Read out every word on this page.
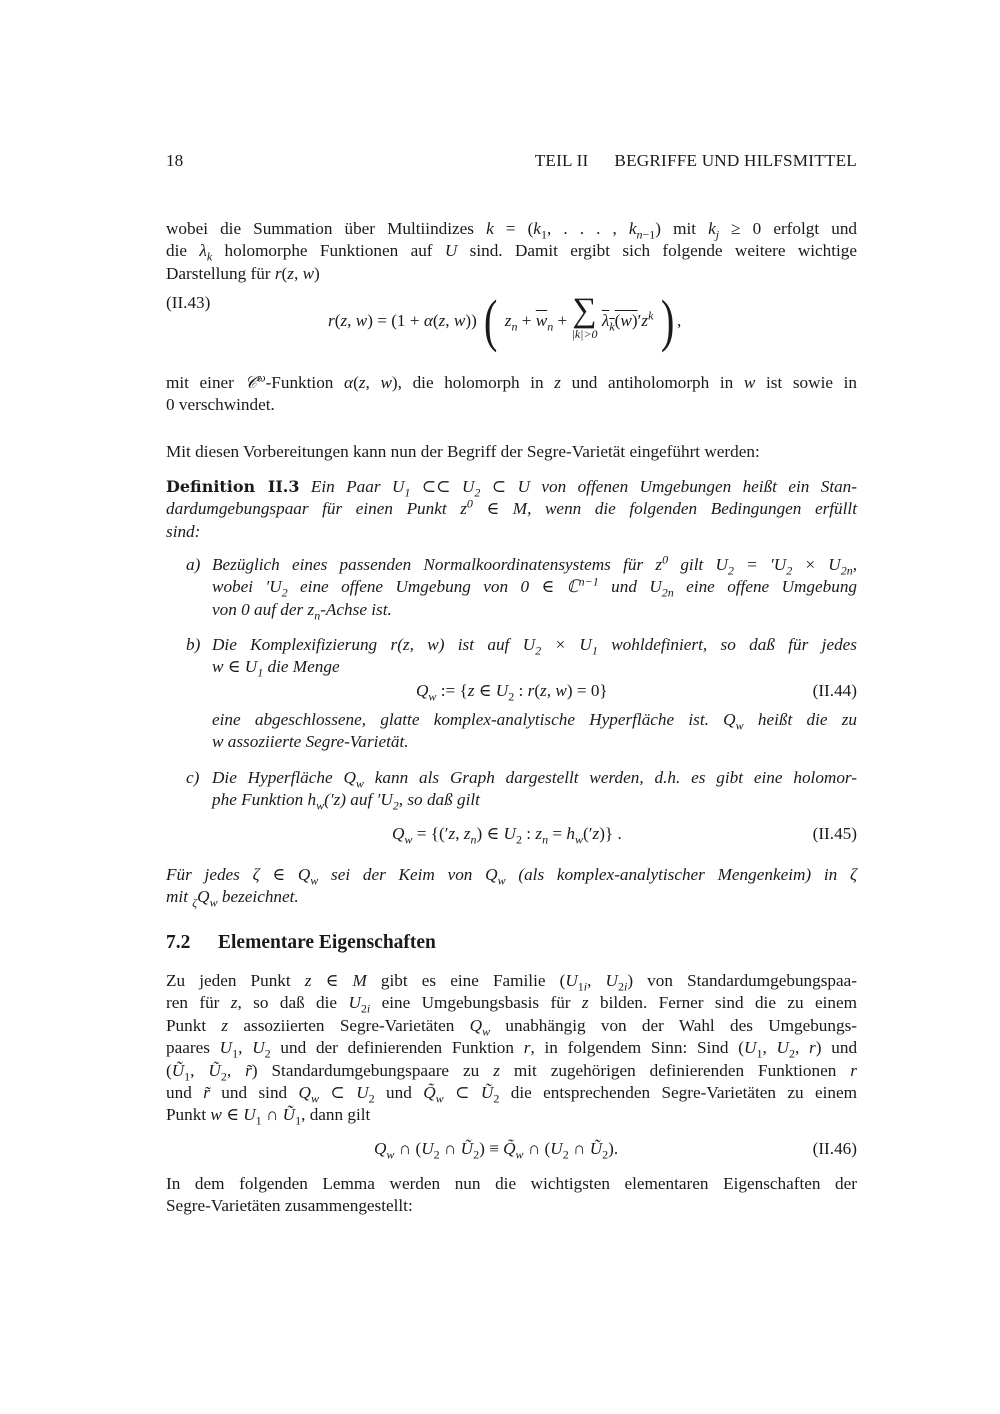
18	TEIL II BEGRIFFE UND HILFSMITTEL

wobei die Summation über Multiindizes $k = (k_1$, . . . , $k_{n-1}$) mit $k_j \ge 0$ erfolgt und

die $\lambda_k$ holomorphe Funktionen auf U sind. Damit ergibt sich folgende weitere wichtige

Darstellung für r(z, w)

r(z, w) = (1 + α(z, w)) ( $z_n + \overline{w}_n$ + ∑
|k|>0
$\lambda_k(w)'z^k$ ) ,
(II.43)

mit einer 𝒞$^\omega$-Funktion α(z, w), die holomorph in z und antiholomorph in w ist sowie in

0 verschwindet.

Mit diesen Vorbereitungen kann nun der Begriff der Segre-Varietät eingeführt werden:

Definition II.3 Ein Paar $U_1$ ⊂⊂ $U_2$ ⊂ U von offenen Umgebungen heißt ein Stan-

dardumgebungspaar für einen Punkt $z^0$ ∈ M, wenn die folgenden Bedingungen erfüllt

sind:

a) Bezüglich eines passenden Normalkoordinatensystems für $z^0$ gilt $U_2 = 'U_2 \times U_{2n}$,

wobei $'U_2$ eine offene Umgebung von 0 ∈ ℂ$^{n-1}$ und $U_{2n}$ eine offene Umgebung

von 0 auf der $z_n$-Achse ist.

b) Die Komplexifizierung r(z, w) ist auf $U_2 \times U_1$ wohldefiniert, so daß für jedes

w ∈ $U_1$ die Menge

$Q_w$ := {z ∈ $U_2$ : r(z, w) = 0}	(II.44)

eine abgeschlossene, glatte komplex-analytische Hyperfläche ist. $Q_w$ heißt die zu

w assoziierte Segre-Varietät.

c) Die Hyperfläche $Q_w$ kann als Graph dargestellt werden, d.h. es gibt eine holomor-

phe Funktion $h_w('z)$ auf $'U_2$, so daß gilt

$Q_w = \{('z$, $z_n$) ∈ $U_2$ : $z_n = h_w('z)$} .	(II.45)

Für jedes ζ ∈ $Q_w$ sei der Keim von $Q_w$ (als komplex-analytischer Mengenkeim) in ζ

mit $_\zeta Q_w$ bezeichnet.

7.2 Elementare Eigenschaften

Zu jeden Punkt z ∈ M gibt es eine Familie ($U_{1i}$, $U_{2i}$) von Standardumgebungspaa-

ren für z, so daß die $U_{2i}$ eine Umgebungsbasis für z bilden. Ferner sind die zu einem

Punkt z assoziierten Segre-Varietäten $Q_w$ unabhängig von der Wahl des Umgebungs-

paares $U_1$, $U_2$ und der definierenden Funktion r, in folgendem Sinn: Sind ($U_1$, $U_2$, r) und

($Ũ_1$, $Ũ_2$, r̃) Standardumgebungspaare zu z mit zugehörigen definierenden Funktionen r

und r̃ und sind $Q_w$ ⊂ $U_2$ und $Q̃_w$ ⊂ $Ũ_2$ die entsprechenden Segre-Varietäten zu einem

Punkt w ∈ $U_1$ ∩ $Ũ_1$, dann gilt

$Q_w$ ∩ ($U_2$ ∩ $Ũ_2$) ≡ $Q̃_w$ ∩ ($U_2$ ∩ $Ũ_2$).	(II.46)

In dem folgenden Lemma werden nun die wichtigsten elementaren Eigenschaften der

Segre-Varietäten zusammengestellt:
